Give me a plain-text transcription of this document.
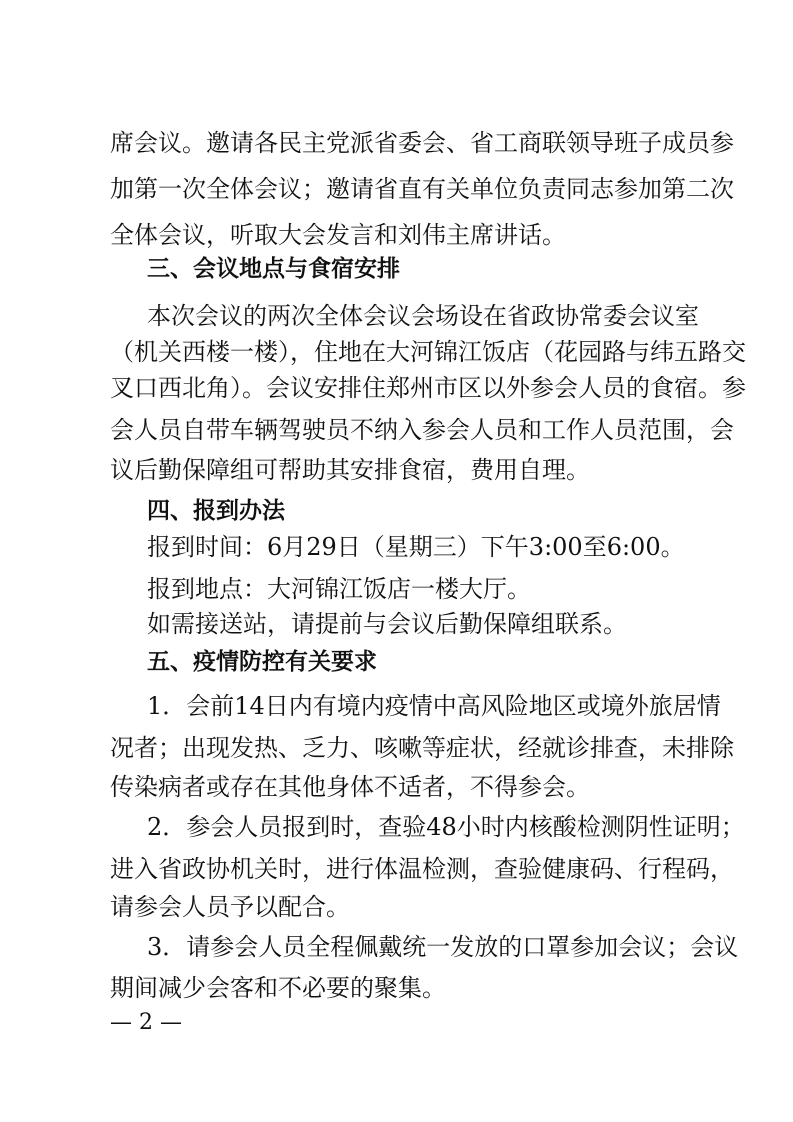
席会议。邀请各民主党派省委会、省工商联领导班子成员参
加第一次全体会议；邀请省直有关单位负责同志参加第二次
全体会议，听取大会发言和刘伟主席讲话。
三、会议地点与食宿安排
本次会议的两次全体会议会场设在省政协常委会议室
（机关西楼一楼），住地在大河锦江饭店（花园路与纬五路交
叉口西北角）。会议安排住郑州市区以外参会人员的食宿。参
会人员自带车辆驾驶员不纳入参会人员和工作人员范围，会
议后勤保障组可帮助其安排食宿，费用自理。
四、报到办法
报到时间：6月29日（星期三）下午3:00至6:00。
报到地点：大河锦江饭店一楼大厅。
如需接送站，请提前与会议后勤保障组联系。
五、疫情防控有关要求
1．会前14日内有境内疫情中高风险地区或境外旅居情
况者；出现发热、乏力、咳嗽等症状，经就诊排查，未排除
传染病者或存在其他身体不适者，不得参会。
2．参会人员报到时，查验48小时内核酸检测阴性证明；
进入省政协机关时，进行体温检测，查验健康码、行程码，
请参会人员予以配合。
3．请参会人员全程佩戴统一发放的口罩参加会议；会议
期间减少会客和不必要的聚集。
— 2 —
